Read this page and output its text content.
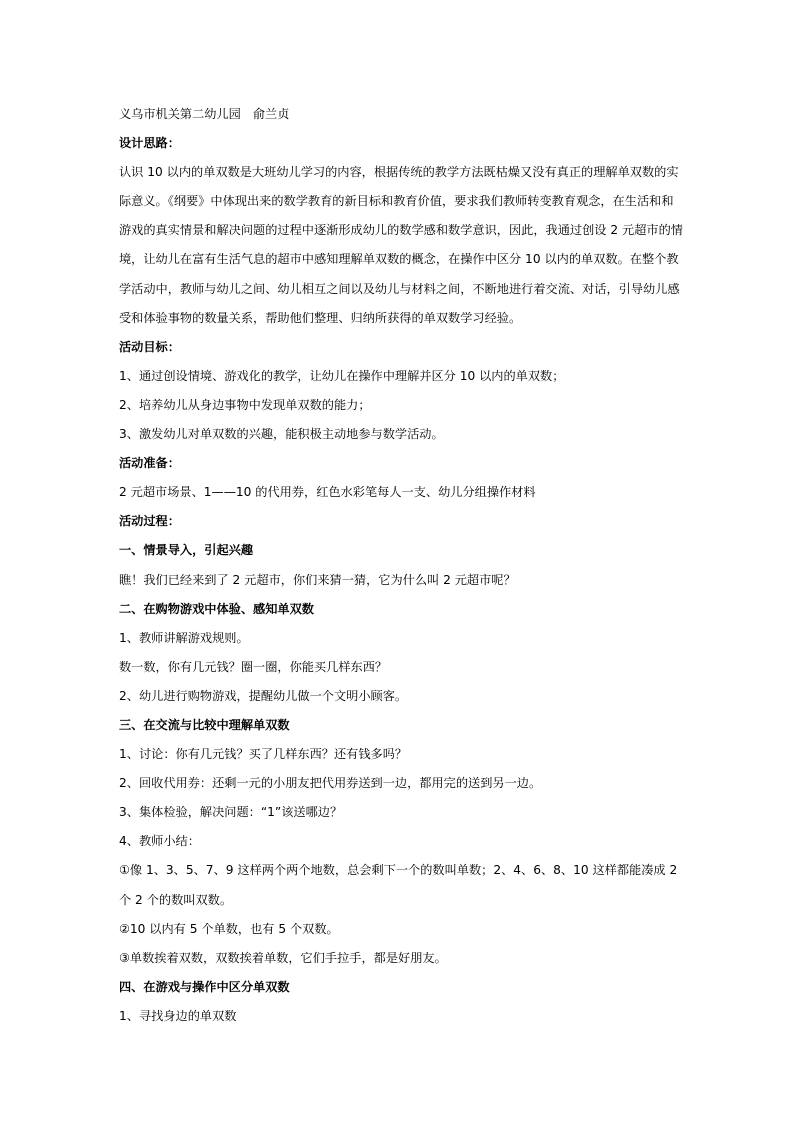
义乌市机关第二幼儿园 俞兰贞
设计思路：
认识 10 以内的单双数是大班幼儿学习的内容，根据传统的教学方法既枯燥又没有真正的理解单双数的实
际意义。《纲要》中体现出来的数学教育的新目标和教育价值，要求我们教师转变教育观念，在生活和和
游戏的真实情景和解决问题的过程中逐渐形成幼儿的数学感和数学意识，因此，我通过创设 2 元超市的情
境，让幼儿在富有生活气息的超市中感知理解单双数的概念，在操作中区分 10 以内的单双数。在整个教
学活动中，教师与幼儿之间、幼儿相互之间以及幼儿与材料之间，不断地进行着交流、对话，引导幼儿感
受和体验事物的数量关系，帮助他们整理、归纳所获得的单双数学习经验。
活动目标：
1、通过创设情境、游戏化的教学，让幼儿在操作中理解并区分 10 以内的单双数；
2、培养幼儿从身边事物中发现单双数的能力；
3、激发幼儿对单双数的兴趣，能积极主动地参与数学活动。
活动准备：
2 元超市场景、1——10 的代用券，红色水彩笔每人一支、幼儿分组操作材料
活动过程：
一、情景导入，引起兴趣
瞧！我们已经来到了 2 元超市，你们来猜一猜，它为什么叫 2 元超市呢？
二、在购物游戏中体验、感知单双数
1、教师讲解游戏规则。
数一数，你有几元钱？圈一圈，你能买几样东西？
2、幼儿进行购物游戏，提醒幼儿做一个文明小顾客。
三、在交流与比较中理解单双数
1、讨论：你有几元钱？买了几样东西？还有钱多吗？
2、回收代用券：还剩一元的小朋友把代用券送到一边，都用完的送到另一边。
3、集体检验，解决问题：“1”该送哪边？
4、教师小结：
①像 1、3、5、7、9 这样两个两个地数，总会剩下一个的数叫单数；2、4、6、8、10 这样都能凑成 2
个 2 个的数叫双数。
②10 以内有 5 个单数，也有 5 个双数。
③单数挨着双数，双数挨着单数，它们手拉手，都是好朋友。
四、在游戏与操作中区分单双数
1、寻找身边的单双数
